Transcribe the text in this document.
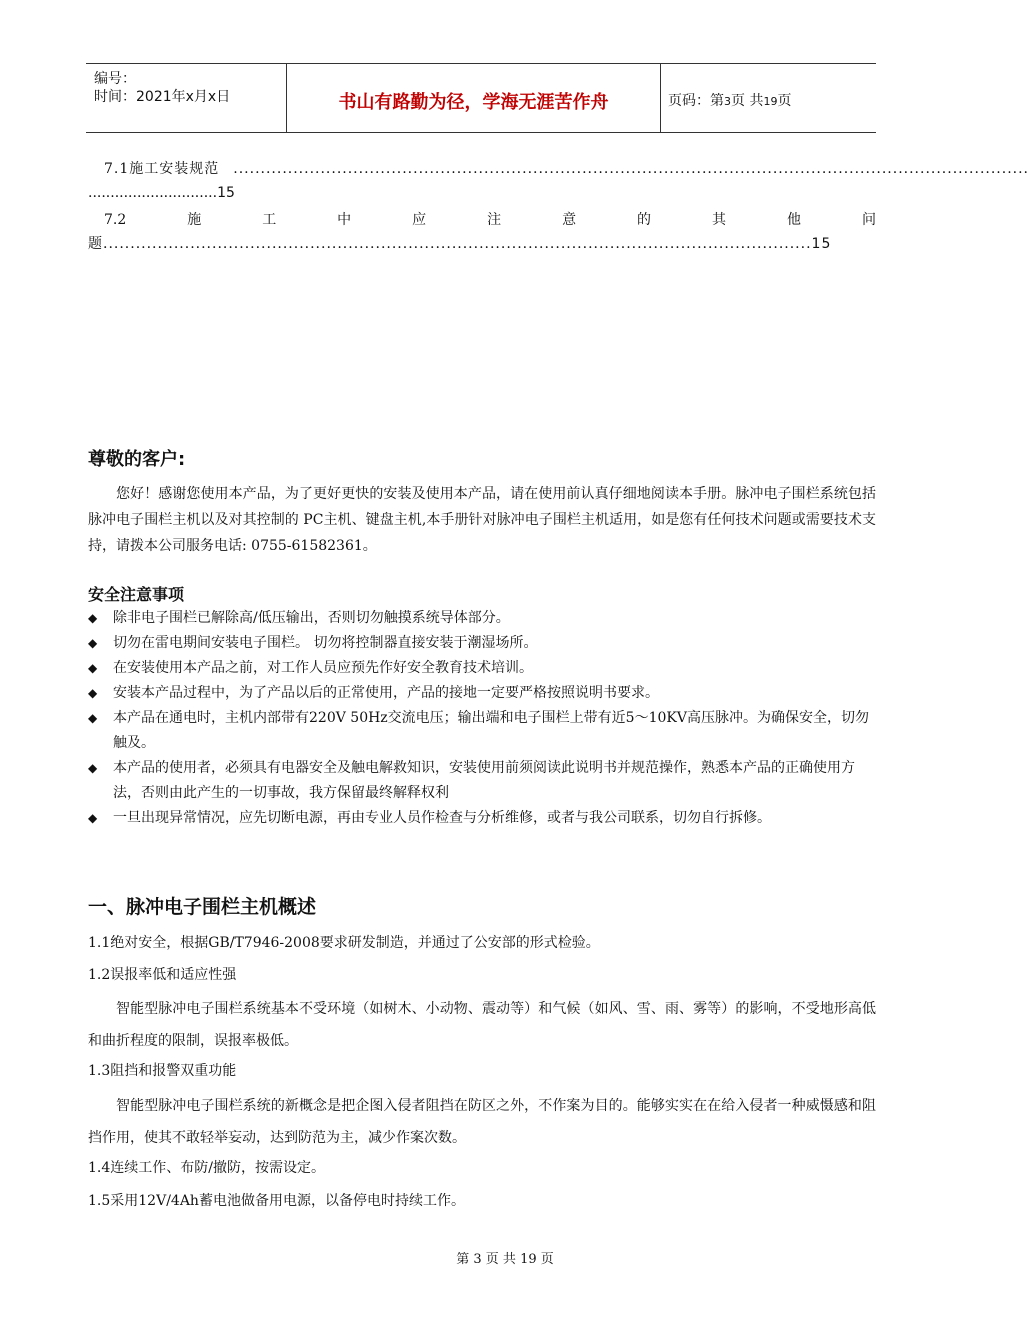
编号：
时间：2021年x月x日	书山有路勤为径，学海无涯苦作舟	页码：第3页 共19页
7.1施工安装规范 ..................................................................................................................................................
.............................15
7.2	施	工	中	应	注	意	的	其	他	问
题..................................................................................................................................15
尊敬的客户:
您好！感谢您使用本产品，为了更好更快的安装及使用本产品，请在使用前认真仔细地阅读本手册。脉冲电子围栏系统包括脉冲电子围栏主机以及对其控制的 PC主机、键盘主机,本手册针对脉冲电子围栏主机适用，如是您有任何技术问题或需要技术支持，请拨本公司服务电话: 0755-61582361。
安全注意事项
◆ 除非电子围栏已解除高/低压输出，否则切勿触摸系统导体部分。
◆ 切勿在雷电期间安装电子围栏。 切勿将控制器直接安装于潮湿场所。
◆ 在安装使用本产品之前，对工作人员应预先作好安全教育技术培训。
◆ 安装本产品过程中，为了产品以后的正常使用，产品的接地一定要严格按照说明书要求。
◆ 本产品在通电时，主机内部带有220V 50Hz交流电压；输出端和电子围栏上带有近5～10KV高压脉冲。为确保安全，切勿触及。
◆ 本产品的使用者，必须具有电器安全及触电解救知识，安装使用前须阅读此说明书并规范操作，熟悉本产品的正确使用方法，否则由此产生的一切事故，我方保留最终解释权利
◆ 一旦出现异常情况，应先切断电源，再由专业人员作检查与分析维修，或者与我公司联系，切勿自行拆修。
一、脉冲电子围栏主机概述
1.1绝对安全，根据GB/T7946-2008要求研发制造，并通过了公安部的形式检验。
1.2误报率低和适应性强
智能型脉冲电子围栏系统基本不受环境（如树木、小动物、震动等）和气候（如风、雪、雨、雾等）的影响，不受地形高低和曲折程度的限制，误报率极低。
1.3阻挡和报警双重功能
智能型脉冲电子围栏系统的新概念是把企图入侵者阻挡在防区之外，不作案为目的。能够实实在在给入侵者一种威慑感和阻挡作用，使其不敢轻举妄动，达到防范为主，减少作案次数。
1.4连续工作、布防/撤防，按需设定。
1.5采用12V/4Ah蓄电池做备用电源，以备停电时持续工作。
第 3 页 共 19 页
